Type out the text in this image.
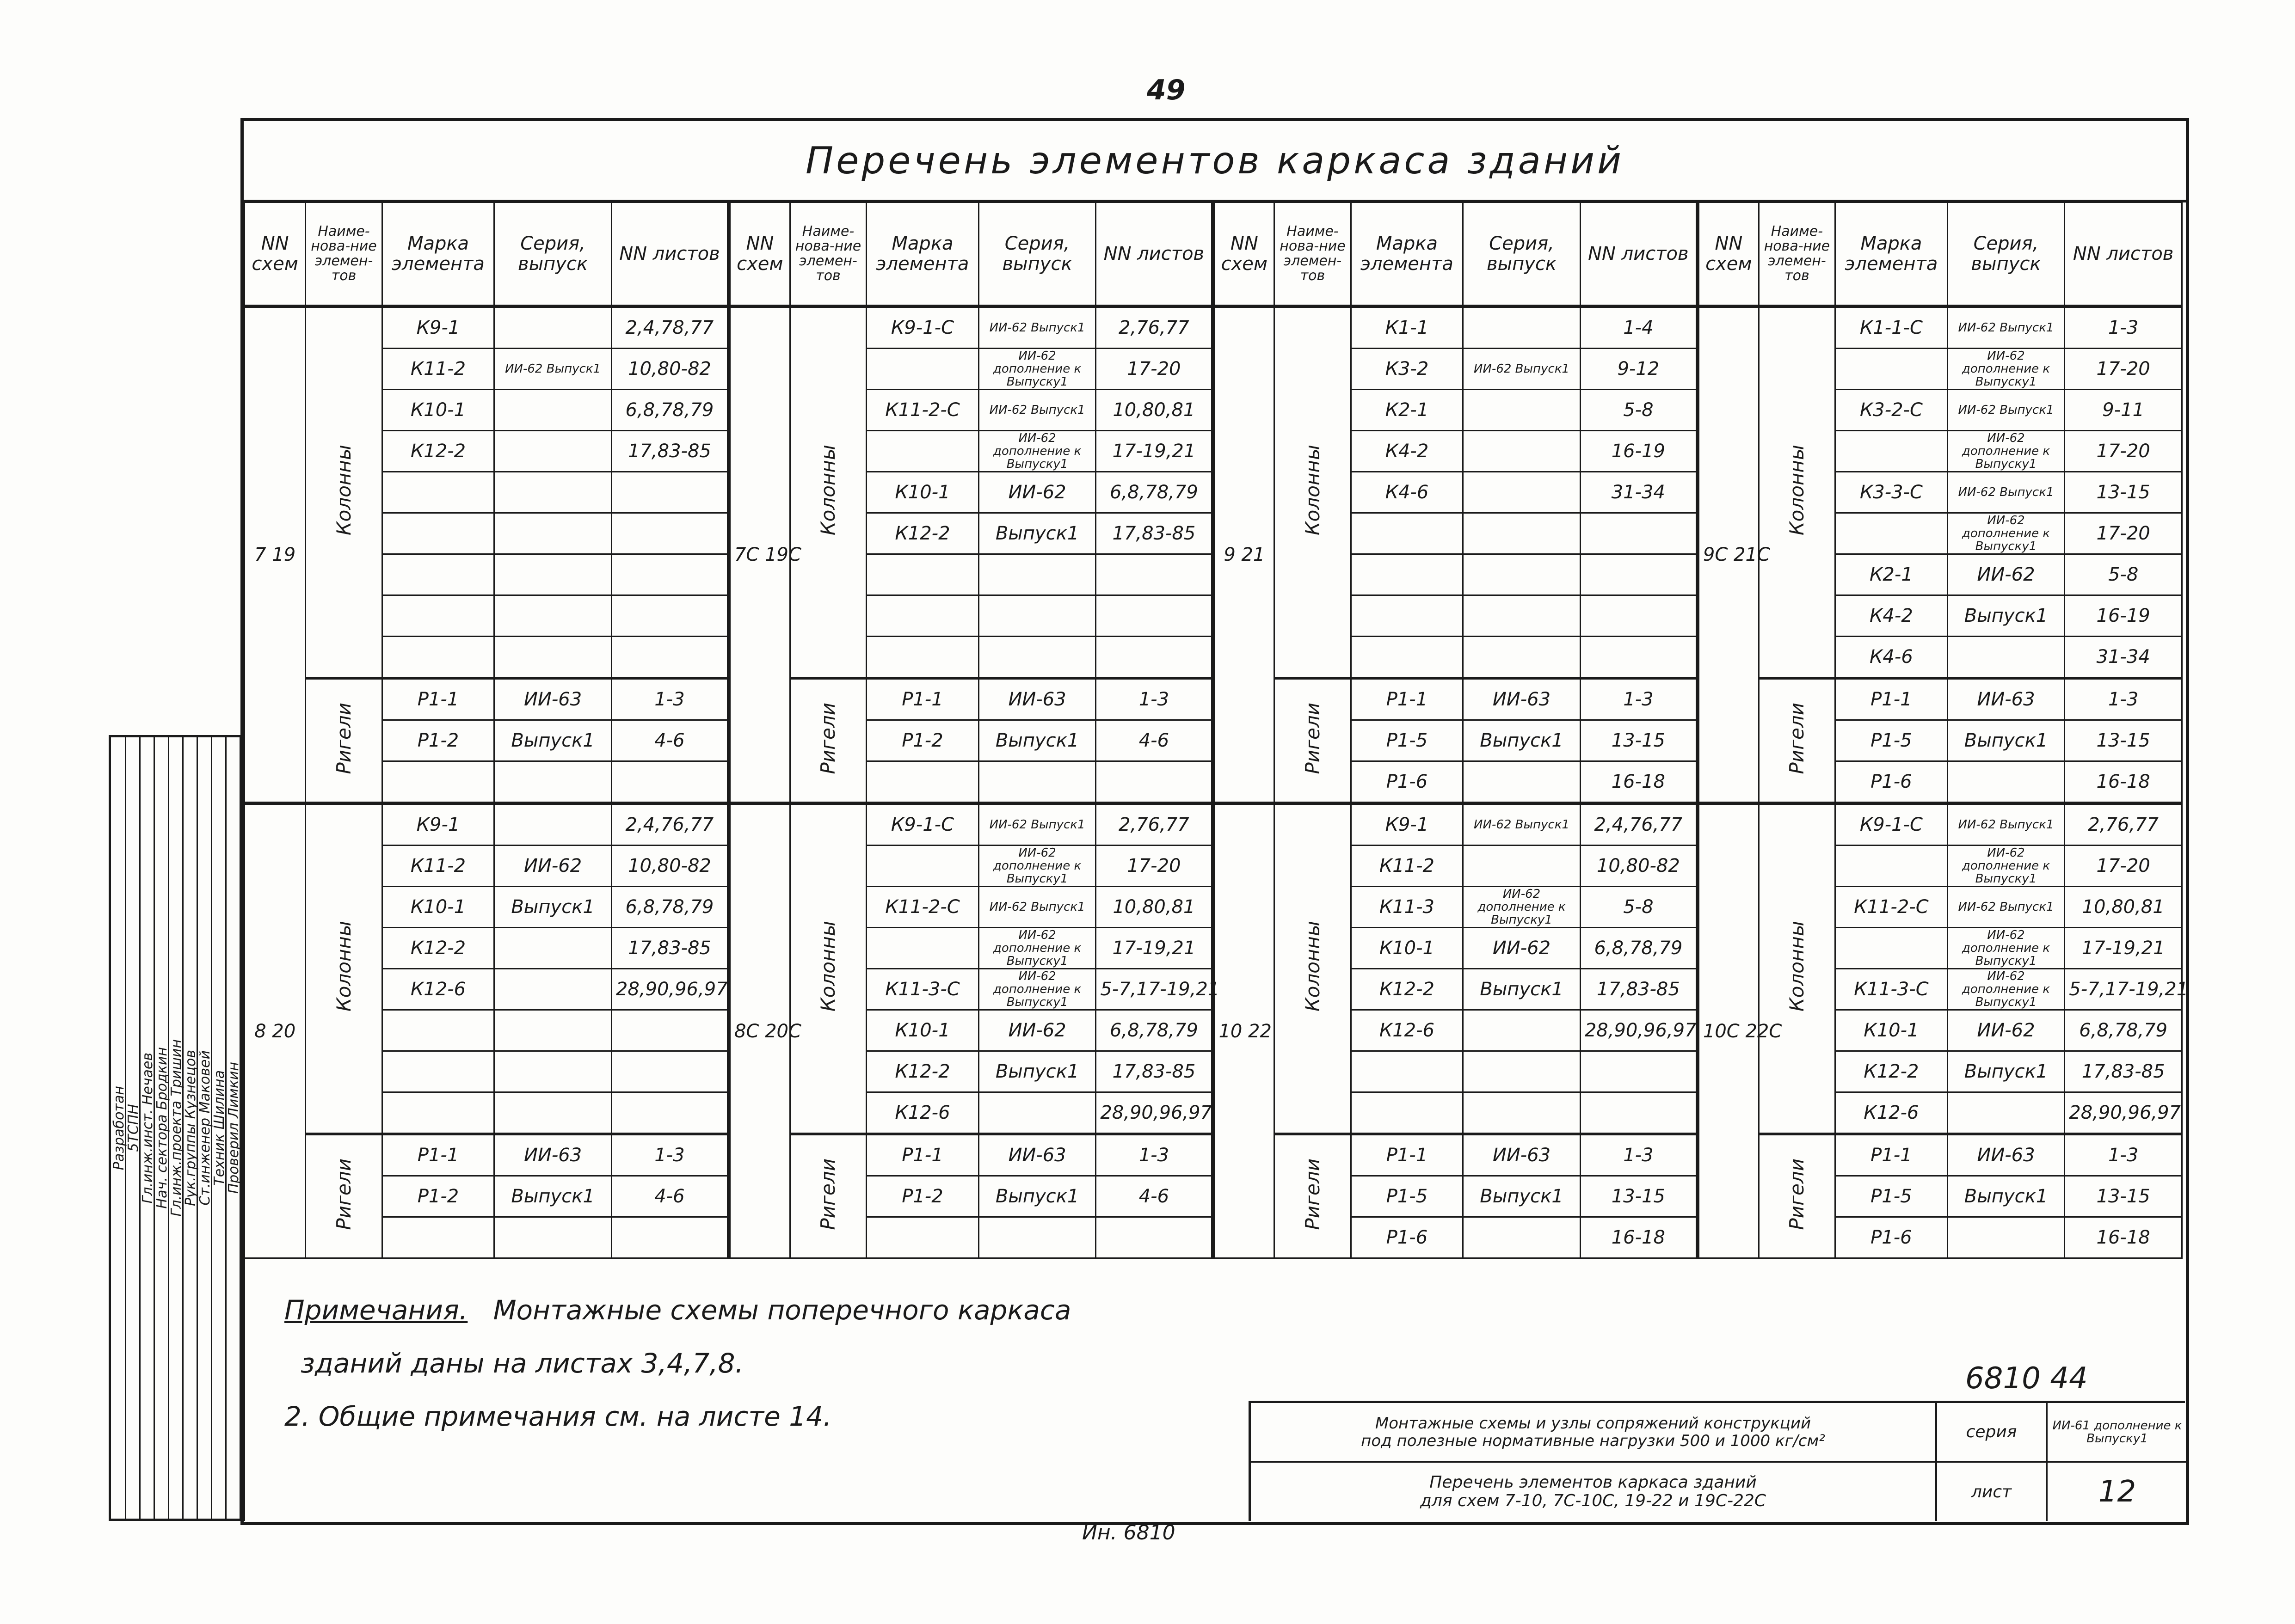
49
Перечень элементов каркаса зданий
NN схем	Наиме-нова-ние элемен-тов	Марка элемента	Серия, выпуск	NN листов	NN схем	Наиме-нова-ние элемен-тов	Марка элемента	Серия, выпуск	NN листов	NN схем	Наиме-нова-ние элемен-тов	Марка элемента	Серия, выпуск	NN листов	NN схем	Наиме-нова-ние элемен-тов	Марка элемента	Серия, выпуск	NN листов
7 19	Колонны	К9-1		2,4,78,77	7С 19С	Колонны	К9-1-С	ИИ-62 Выпуск1	2,76,77	9 21	Колонны	К1-1		1-4	9С 21С	Колонны	К1-1-С	ИИ-62 Выпуск1	1-3
		К11-2	ИИ-62 Выпуск1	10,80-82				ИИ-62 дополнение к Выпуску1	17-20			К3-2	ИИ-62 Выпуск1	9-12				ИИ-62 дополнение к Выпуску1	17-20
		К10-1		6,8,78,79			К11-2-С	ИИ-62 Выпуск1	10,80,81			К2-1		5-8			К3-2-С	ИИ-62 Выпуск1	9-11
		К12-2		17,83-85				ИИ-62 дополнение к Выпуску1	17-19,21			К4-2		16-19				ИИ-62 дополнение к Выпуску1	17-20
							К10-1	ИИ-62	6,8,78,79			К4-6		31-34			К3-3-С	ИИ-62 Выпуск1	13-15
							К12-2	Выпуск1	17,83-85									ИИ-62 дополнение к Выпуску1	17-20
																	К2-1	ИИ-62	5-8
																	К4-2	Выпуск1	16-19
																	К4-6		31-34
	Ригели	Р1-1	ИИ-63	1-3		Ригели	Р1-1	ИИ-63	1-3		Ригели	Р1-1	ИИ-63	1-3		Ригели	Р1-1	ИИ-63	1-3
		Р1-2	Выпуск1	4-6			Р1-2	Выпуск1	4-6			Р1-5	Выпуск1	13-15			Р1-5	Выпуск1	13-15
												Р1-6		16-18			Р1-6		16-18
8 20	Колонны	К9-1		2,4,76,77	8С 20С	Колонны	К9-1-С	ИИ-62 Выпуск1	2,76,77	10 22	Колонны	К9-1	ИИ-62 Выпуск1	2,4,76,77	10С 22С	Колонны	К9-1-С	ИИ-62 Выпуск1	2,76,77
		К11-2	ИИ-62	10,80-82				ИИ-62 дополнение к Выпуску1	17-20			К11-2		10,80-82				ИИ-62 дополнение к Выпуску1	17-20
		К10-1	Выпуск1	6,8,78,79			К11-2-С	ИИ-62 Выпуск1	10,80,81			К11-3	ИИ-62 дополнение к Выпуску1	5-8			К11-2-С	ИИ-62 Выпуск1	10,80,81
		К12-2		17,83-85				ИИ-62 дополнение к Выпуску1	17-19,21			К10-1	ИИ-62	6,8,78,79				ИИ-62 дополнение к Выпуску1	17-19,21
		К12-6		28,90,96,97			К11-3-С	ИИ-62 дополнение к Выпуску1	5-7,17-19,21			К12-2	Выпуск1	17,83-85			К11-3-С	ИИ-62 дополнение к Выпуску1	5-7,17-19,21
							К10-1	ИИ-62	6,8,78,79			К12-6		28,90,96,97			К10-1	ИИ-62	6,8,78,79
							К12-2	Выпуск1	17,83-85								К12-2	Выпуск1	17,83-85
							К12-6		28,90,96,97								К12-6		28,90,96,97
	Ригели	Р1-1	ИИ-63	1-3		Ригели	Р1-1	ИИ-63	1-3		Ригели	Р1-1	ИИ-63	1-3		Ригели	Р1-1	ИИ-63	1-3
		Р1-2	Выпуск1	4-6			Р1-2	Выпуск1	4-6			Р1-5	Выпуск1	13-15			Р1-5	Выпуск1	13-15
												Р1-6		16-18			Р1-6		16-18
Примечания. Монтажные схемы поперечного каркаса
зданий даны на листах 3,4,7,8.
2. Общие примечания см. на листе 14.
6810 44
Монтажные схемы и узлы сопряжений конструкций
под полезные нормативные нагрузки 500 и 1000 кг/см²
Перечень элементов каркаса зданий
для схем 7-10, 7С-10С, 19-22 и 19С-22С
серия	ИИ-61 дополнение к Выпуску1
лист	12
Ин. 6810
Разработан
5ТСПН
Гл.инж.инст. Нечаев
Нач. сектора Бродкин
Гл.инж.проекта Тришин
Рук.группы Кузнецов
Ст.инженер Маковей
Техник Шилина
Проверил Лимкин
